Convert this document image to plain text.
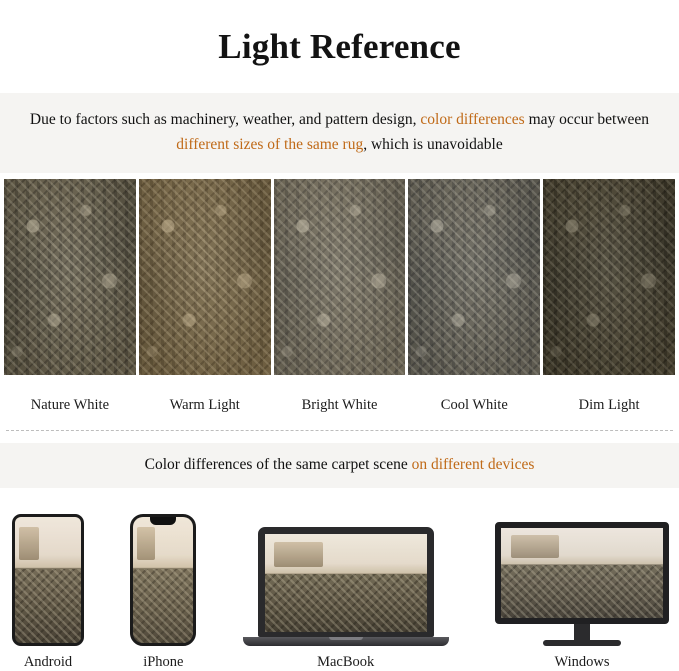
Light Reference
Due to factors such as machinery, weather, and pattern design, color differences may occur between different sizes of the same rug, which is unavoidable
Nature White	Warm Light	Bright White	Cool White	Dim Light
Color differences of the same carpet scene on different devices
Android	iPhone	MacBook	Windows
